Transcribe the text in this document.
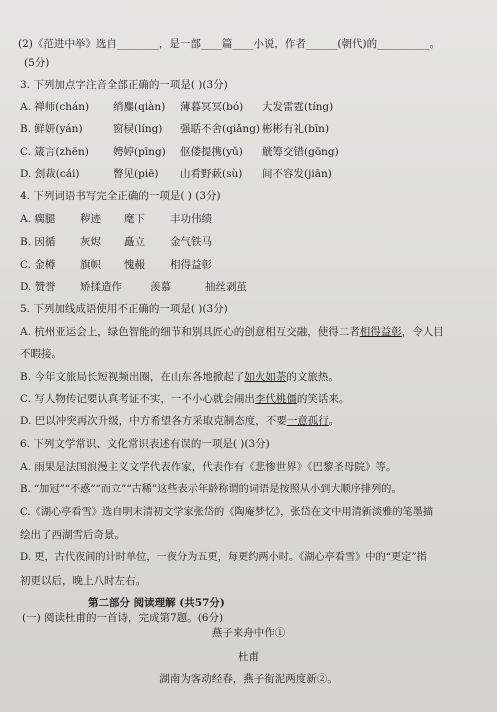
(2)《范进中举》选自________，是一部____篇____小说，作者______(朝代)的__________。
(5分)
3. 下列加点字注音全部正确的一项是( )(3分)
A. 禅师(chán) 绡麋(qiàn) 薄暮冥冥(bó) 大发雷霆(tíng)
B. 鲜妍(yán)	窗棂(líng) 强聒不舍(qiǎng) 彬彬有礼(bīn)
C. 箴言(zhēn) 娉婷(pīng) 伛偻提携(yǔ) 觥筹交错(gōng)
D. 刽裁(cái)	瞥见(piē) 山肴野蔌(sù) 间不容发(jiān)
4. 下列词语书写完全正确的一项是( ) (3分)
A. 瘸腿 秽迹 麾下 丰功伟绩
B. 因循 灰烬 矗立 金气铁马
C. 金樽 旗帜 愧赧 相得益彰
D. 赞誉 矫揉造作	羡慕	抽丝剥茧
5. 下列加线成语使用不正确的一项是( )(3分)
A. 杭州亚运会上，绿色智能的细节和别具匠心的创意相互交融，使得二者相得益彰，令人目
不暇接。
B. 今年文旅局长短视频出圈，在山东各地掀起了如火如荼的文旅热。
C. 写人物传记要认真考证不实，一不小心就会闹出李代桃僵的笑话来。
D. 巴以冲突再次升级，中方希望各方采取克制态度，不要一意孤行。
6. 下列文学常识、文化常识表述有误的一项是( )(3分)
A. 雨果是法国浪漫主义文学代表作家，代表作有《悲惨世界》《巴黎圣母院》等。
B. “加冠”“不惑”“而立”“古稀”这些表示年龄称谓的词语是按照从小到大顺序排列的。
C.《湖心亭看雪》选自明末清初文学家张岱的《陶庵梦忆》，张岱在文中用清新淡雅的笔墨描
绘出了西湖雪后奇景。
D. 更，古代夜间的计时单位，一夜分为五更，每更约两小时。《湖心亭看雪》中的“更定”指
初更以后，晚上八时左右。
第二部分 阅读理解 (共57分)
(一) 阅读杜甫的一首诗，完成第7题。(6分)
燕子来舟中作①
杜甫
湖南为客动经春，燕子衔泥两度新②。
